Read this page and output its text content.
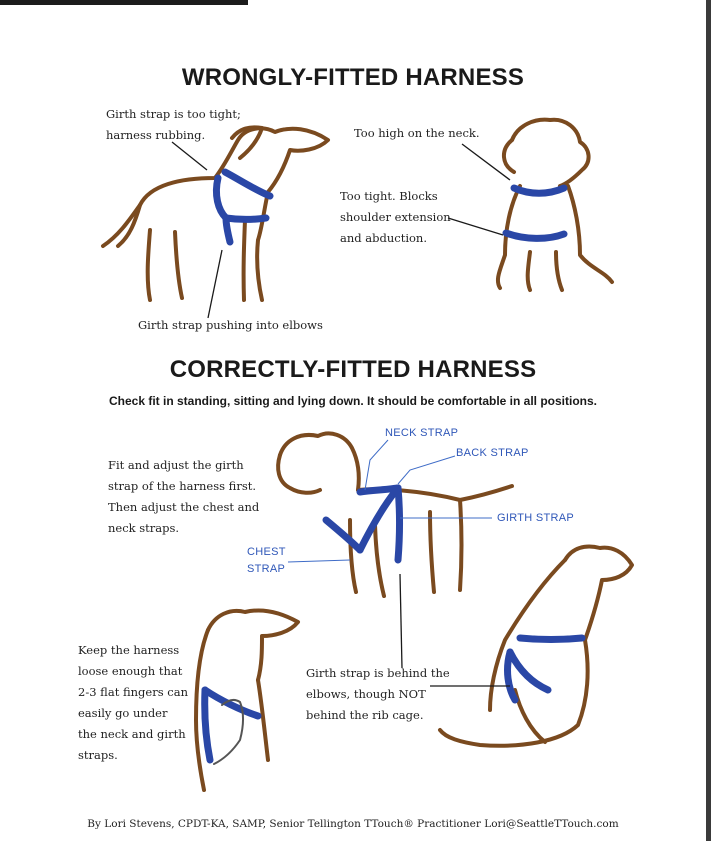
WRONGLY-FITTED HARNESS
CORRECTLY-FITTED HARNESS
Check fit in standing, sitting and lying down. It should be comfortable in all positions.
Girth strap is too tight;
harness rubbing.	Too high on the neck.
Too tight. Blocks
shoulder extension
and abduction.
Girth strap pushing into elbows
Fit and adjust the girth
strap of the harness first.
Then adjust the chest and
neck straps.
NECK STRAP
BACK STRAP
GIRTH STRAP
CHEST
STRAP
Keep the harness
loose enough that
2-3 flat fingers can
easily go under
the neck and girth
straps.
Girth strap is behind the
elbows, though NOT
behind the rib cage.
By Lori Stevens, CPDT-KA, SAMP, Senior Tellington TTouch® Practitioner Lori@SeattleTTouch.com
